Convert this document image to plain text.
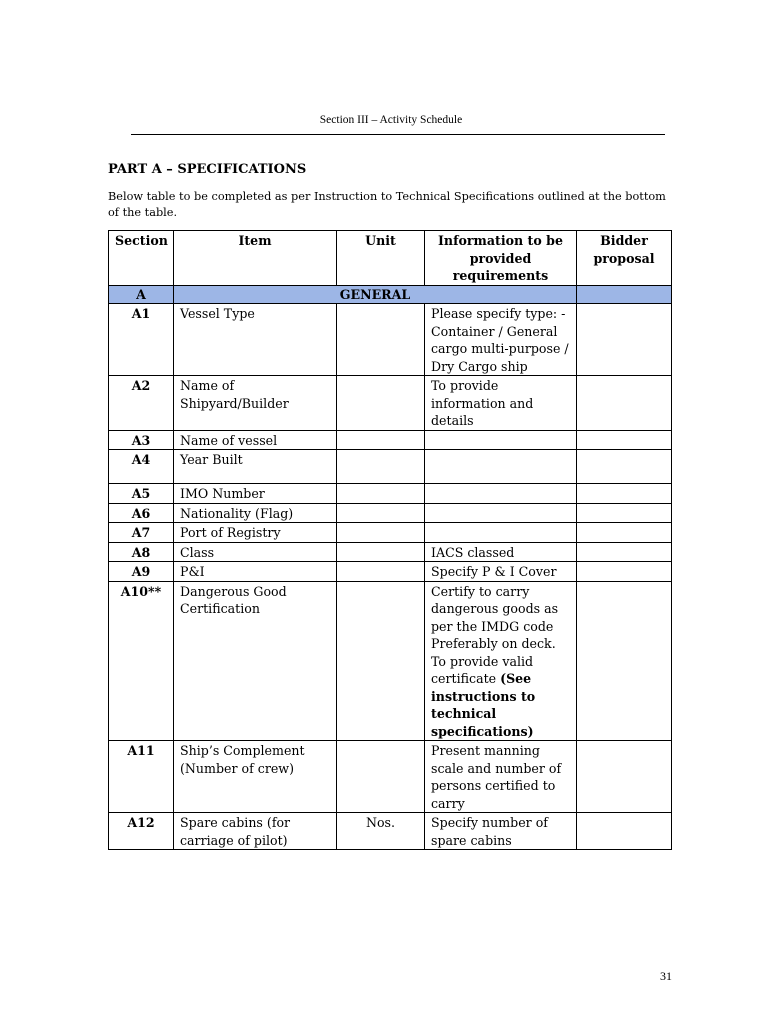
Section III – Activity Schedule
PART A – SPECIFICATIONS
Below table to be completed as per Instruction to Technical Specifications outlined at the bottom of the table.
Section	Item	Unit	Information to be provided requirements	Bidder proposal
A	GENERAL			
A1	Vessel Type		Please specify type: - Container / General cargo multi-purpose / Dry Cargo ship	
A2	Name of Shipyard/Builder		To provide information and details	
A3	Name of vessel			
A4	Year Built			
A5	IMO Number			
A6	Nationality (Flag)			
A7	Port of Registry			
A8	Class		IACS classed	
A9	P&I		Specify P & I Cover	
A10**	Dangerous Good Certification		Certify to carry dangerous goods as per the IMDG code Preferably on deck. To provide valid certificate (See instructions to technical specifications)	
A11	Ship’s Complement (Number of crew)		Present manning scale and number of persons certified to carry	
A12	Spare cabins (for carriage of pilot)	Nos.	Specify number of spare cabins	
31
